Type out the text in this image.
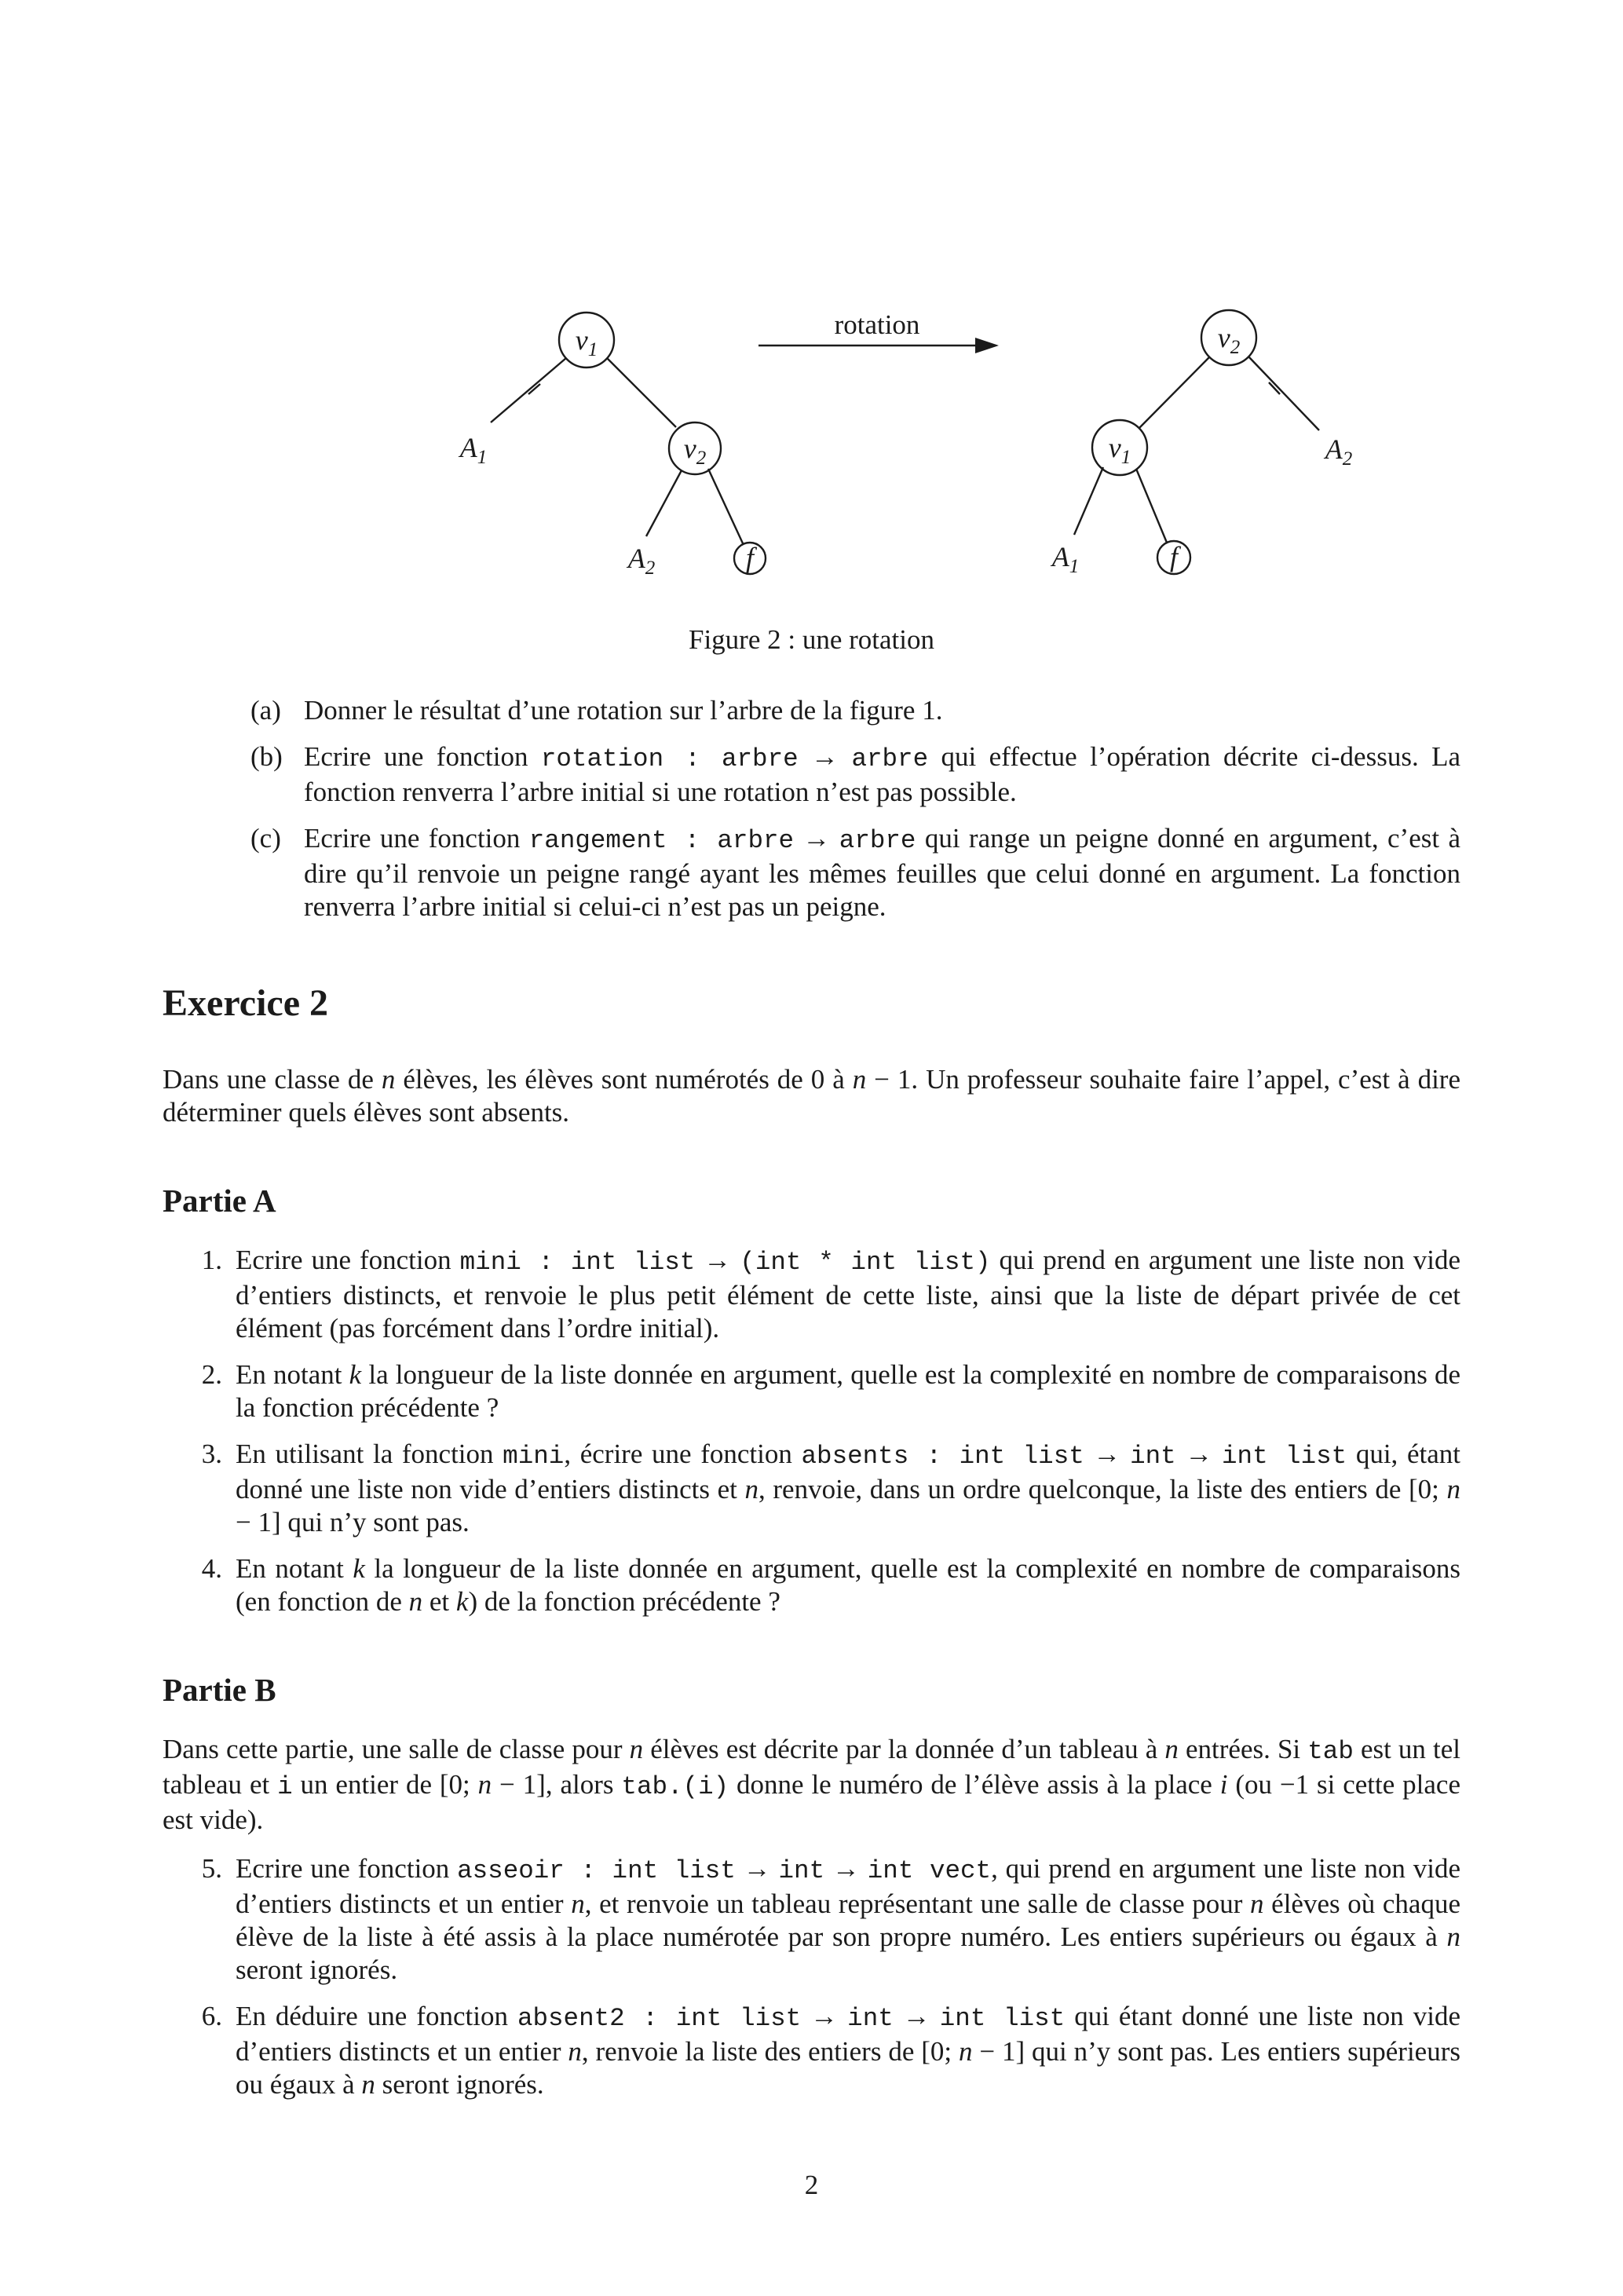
$v_1$
$v_2$
$A_1$
$A_2$	f
rotation	$v_2$
$v_1$	$A_2$
$A_1$	f

Figure 2 : une rotation

(a) Donner le résultat d’une rotation sur l’arbre de la figure 1.
(b) Ecrire une fonction rotation : arbre → arbre qui effectue l’opération décrite ci-dessus. La fonction renverra l’arbre initial si une rotation n’est pas possible.
(c) Ecrire une fonction rangement : arbre → arbre qui range un peigne donné en argument, c’est à dire qu’il renvoie un peigne rangé ayant les mêmes feuilles que celui donné en argument. La fonction renverra l’arbre initial si celui-ci n’est pas un peigne.
Exercice 2

Dans une classe de n élèves, les élèves sont numérotés de 0 à n − 1. Un professeur souhaite faire l’appel, c’est à dire déterminer quels élèves sont absents.

Partie A
1. Ecrire une fonction mini : int list → (int * int list) qui prend en argument une liste non vide d’entiers distincts, et renvoie le plus petit élément de cette liste, ainsi que la liste de départ privée de cet élément (pas forcément dans l’ordre initial).
2. En notant k la longueur de la liste donnée en argument, quelle est la complexité en nombre de comparaisons de la fonction précédente ?
3. En utilisant la fonction mini, écrire une fonction absents : int list → int → int list qui, étant donné une liste non vide d’entiers distincts et n, renvoie, dans un ordre quelconque, la liste des entiers de [0; n − 1] qui n’y sont pas.
4. En notant k la longueur de la liste donnée en argument, quelle est la complexité en nombre de comparaisons (en fonction de n et k) de la fonction précédente ?
Partie B

Dans cette partie, une salle de classe pour n élèves est décrite par la donnée d’un tableau à n entrées. Si tab est un tel tableau et i un entier de [0; n − 1], alors tab.(i) donne le numéro de l’élève assis à la place i (ou −1 si cette place est vide).

5. Ecrire une fonction asseoir : int list → int → int vect, qui prend en argument une liste non vide d’entiers distincts et un entier n, et renvoie un tableau représentant une salle de classe pour n élèves où chaque élève de la liste à été assis à la place numérotée par son propre numéro. Les entiers supérieurs ou égaux à n seront ignorés.
6. En déduire une fonction absent2 : int list → int → int list qui étant donné une liste non vide d’entiers distincts et un entier n, renvoie la liste des entiers de [0; n − 1] qui n’y sont pas. Les entiers supérieurs ou égaux à n seront ignorés.
2
